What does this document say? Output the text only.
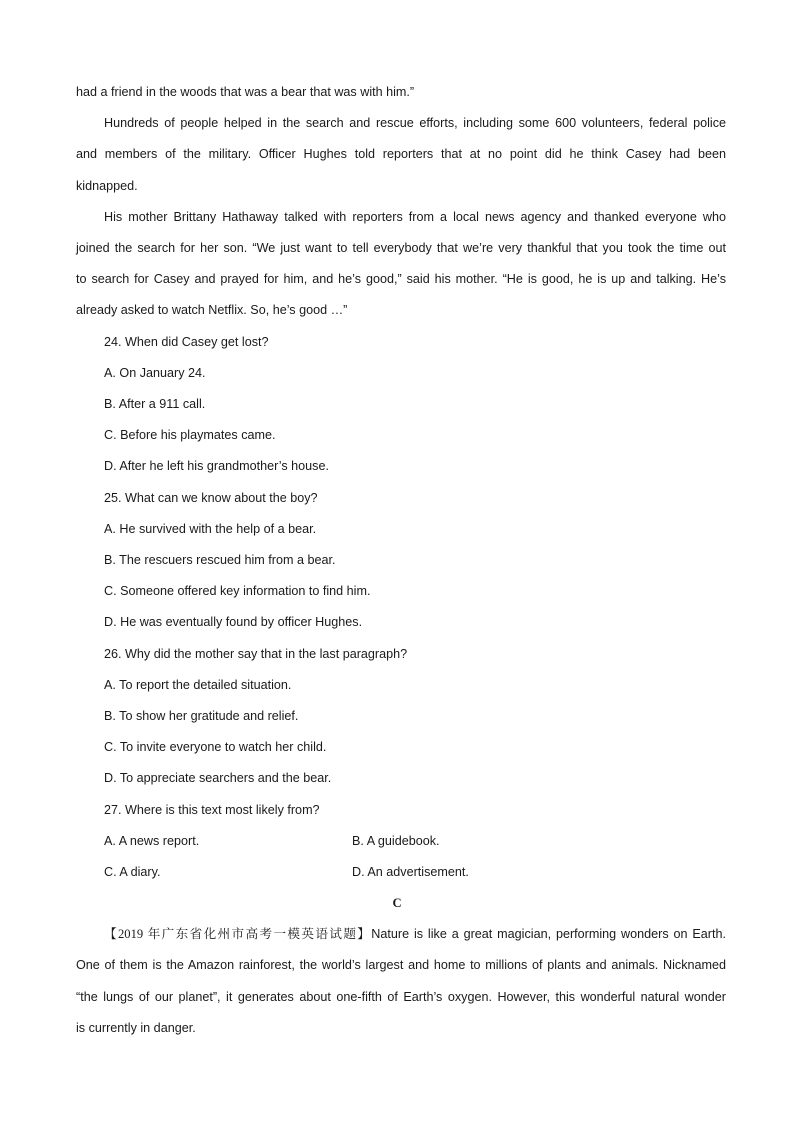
had a friend in the woods that was a bear that was with him.”
Hundreds of people helped in the search and rescue efforts, including some 600 volunteers, federal police
and members of the military. Officer Hughes told reporters that at no point did he think Casey had been
kidnapped.
His mother Brittany Hathaway talked with reporters from a local news agency and thanked everyone who
joined the search for her son. “We just want to tell everybody that we’re very thankful that you took the time out
to search for Casey and prayed for him, and he’s good,” said his mother. “He is good, he is up and talking. He’s
already asked to watch Netflix. So, he’s good …”
24. When did Casey get lost?
A. On January 24.
B. After a 911 call.
C. Before his playmates came.
D. After he left his grandmother’s house.
25. What can we know about the boy?
A. He survived with the help of a bear.
B. The rescuers rescued him from a bear.
C. Someone offered key information to find him.
D. He was eventually found by officer Hughes.
26. Why did the mother say that in the last paragraph?
A. To report the detailed situation.
B. To show her gratitude and relief.
C. To invite everyone to watch her child.
D. To appreciate searchers and the bear.
27. Where is this text most likely from?
A. A news report.	B. A guidebook.
C. A diary.	D. An advertisement.
C
【2019 年广东省化州市高考一模英语试题】Nature is like a great magician, performing wonders on Earth.
One of them is the Amazon rainforest, the world’s largest and home to millions of plants and animals. Nicknamed
“the lungs of our planet”, it generates about one-fifth of Earth’s oxygen. However, this wonderful natural wonder
is currently in danger.
